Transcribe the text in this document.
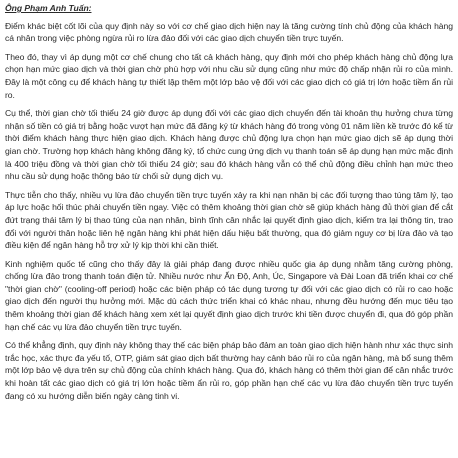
Ông Phạm Anh Tuấn:

Điểm khác biệt cốt lõi của quy định này so với cơ chế giao dịch hiện nay là tăng cường tính chủ động của khách hàng cá nhân trong việc phòng ngừa rủi ro lừa đảo đối với các giao dịch chuyển tiền trực tuyến.

Theo đó, thay vì áp dụng một cơ chế chung cho tất cả khách hàng, quy định mới cho phép khách hàng chủ động lựa chọn hạn mức giao dịch và thời gian chờ phù hợp với nhu cầu sử dụng cũng như mức độ chấp nhận rủi ro của mình. Đây là một công cụ để khách hàng tự thiết lập thêm một lớp bảo vệ đối với các giao dịch có giá trị lớn hoặc tiềm ẩn rủi ro.

Cụ thể, thời gian chờ tối thiểu 24 giờ được áp dụng đối với các giao dịch chuyển đến tài khoản thụ hưởng chưa từng nhận số tiền có giá trị bằng hoặc vượt hạn mức đã đăng ký từ khách hàng đó trong vòng 01 năm liền kề trước đó kể từ thời điểm khách hàng thực hiện giao dịch. Khách hàng được chủ động lựa chọn hạn mức giao dịch sẽ áp dụng thời gian chờ. Trường hợp khách hàng không đăng ký, tổ chức cung ứng dịch vụ thanh toán sẽ áp dụng hạn mức mặc định là 400 triệu đồng và thời gian chờ tối thiểu 24 giờ; sau đó khách hàng vẫn có thể chủ động điều chỉnh hạn mức theo nhu cầu sử dụng hoặc thông báo từ chối sử dụng dịch vụ.

Thực tiễn cho thấy, nhiều vụ lừa đảo chuyển tiền trực tuyến xảy ra khi nạn nhân bị các đối tượng thao túng tâm lý, tạo áp lực hoặc hối thúc phải chuyển tiền ngay. Việc có thêm khoảng thời gian chờ sẽ giúp khách hàng đủ thời gian để cắt đứt trạng thái tâm lý bị thao túng của nạn nhân, bình tĩnh cân nhắc lại quyết định giao dịch, kiểm tra lại thông tin, trao đổi với người thân hoặc liên hệ ngân hàng khi phát hiện dấu hiệu bất thường, qua đó giảm nguy cơ bị lừa đảo và tạo điều kiện để ngân hàng hỗ trợ xử lý kịp thời khi cần thiết.

Kinh nghiệm quốc tế cũng cho thấy đây là giải pháp đang được nhiều quốc gia áp dụng nhằm tăng cường phòng, chống lừa đảo trong thanh toán điện tử. Nhiều nước như Ấn Độ, Anh, Úc, Singapore và Đài Loan đã triển khai cơ chế "thời gian chờ" (cooling-off period) hoặc các biện pháp có tác dụng tương tự đối với các giao dịch có rủi ro cao hoặc giao dịch đến người thụ hưởng mới. Mặc dù cách thức triển khai có khác nhau, nhưng đều hướng đến mục tiêu tạo thêm khoảng thời gian để khách hàng xem xét lại quyết định giao dịch trước khi tiền được chuyển đi, qua đó góp phần hạn chế các vụ lừa đảo chuyển tiền trực tuyến.

Có thể khẳng định, quy định này không thay thế các biện pháp bảo đảm an toàn giao dịch hiện hành như xác thực sinh trắc học, xác thực đa yếu tố, OTP, giám sát giao dịch bất thường hay cảnh báo rủi ro của ngân hàng, mà bổ sung thêm một lớp bảo vệ dựa trên sự chủ động của chính khách hàng. Qua đó, khách hàng có thêm thời gian để cân nhắc trước khi hoàn tất các giao dịch có giá trị lớn hoặc tiềm ẩn rủi ro, góp phần hạn chế các vụ lừa đảo chuyển tiền trực tuyến đang có xu hướng diễn biến ngày càng tinh vi.
